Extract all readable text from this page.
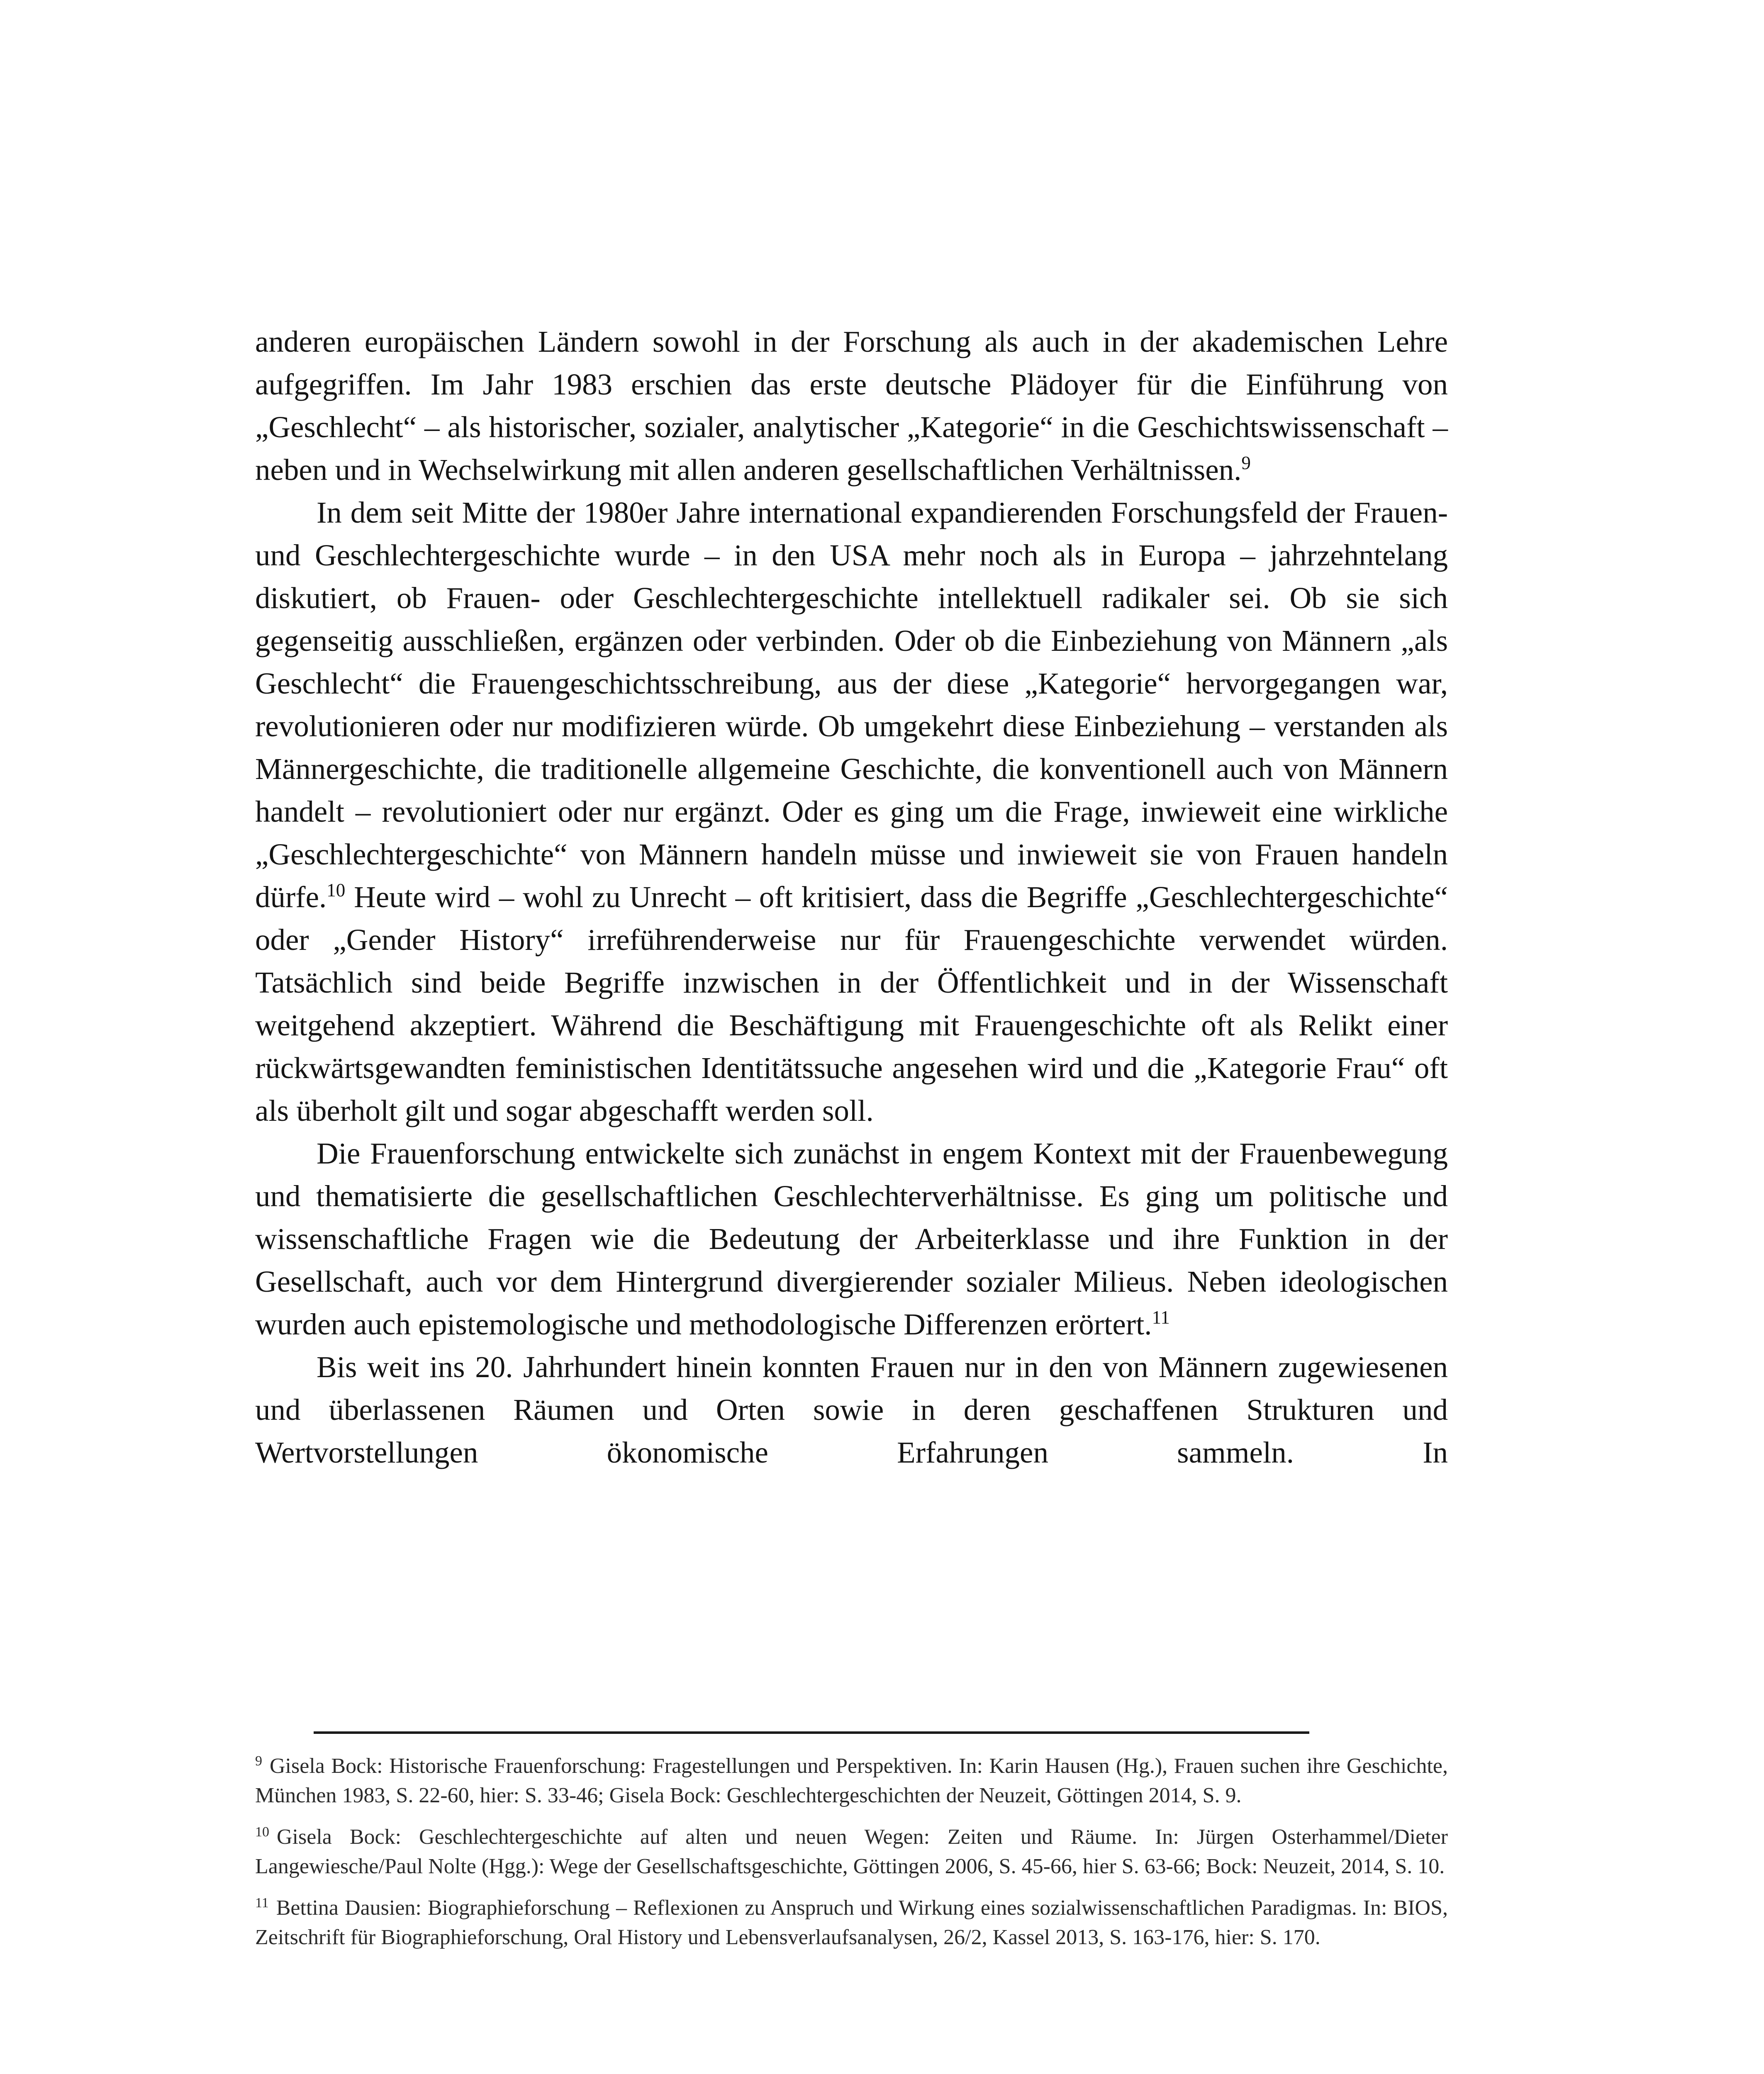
anderen europäischen Ländern sowohl in der Forschung als auch in der akademischen Lehre aufgegriffen. Im Jahr 1983 erschien das erste deutsche Plädoyer für die Einführung von „Geschlecht“ – als historischer, sozialer, analytischer „Kategorie“ in die Geschichtswissenschaft – neben und in Wechselwirkung mit allen anderen gesellschaftlichen Verhältnissen.$^9$

In dem seit Mitte der 1980er Jahre international expandierenden Forschungsfeld der Frauen- und Geschlechtergeschichte wurde – in den USA mehr noch als in Europa – jahrzehntelang diskutiert, ob Frauen- oder Geschlechtergeschichte intellektuell radikaler sei. Ob sie sich gegenseitig ausschließen, ergänzen oder verbinden. Oder ob die Einbeziehung von Männern „als Geschlecht“ die Frauengeschichtsschreibung, aus der diese „Kategorie“ hervorgegangen war, revolutionieren oder nur modifizieren würde. Ob umgekehrt diese Einbeziehung – verstanden als Männergeschichte, die traditionelle allgemeine Geschichte, die konventionell auch von Männern handelt – revolutioniert oder nur ergänzt. Oder es ging um die Frage, inwieweit eine wirkliche „Geschlechtergeschichte“ von Männern handeln müsse und inwieweit sie von Frauen handeln dürfe.$^{10}$ Heute wird – wohl zu Unrecht – oft kritisiert, dass die Begriffe „Geschlechtergeschichte“ oder „Gender History“ irreführenderweise nur für Frauengeschichte verwendet würden. Tatsächlich sind beide Begriffe inzwischen in der Öffentlichkeit und in der Wissenschaft weitgehend akzeptiert. Während die Beschäftigung mit Frauengeschichte oft als Relikt einer rückwärtsgewandten feministischen Identitätssuche angesehen wird und die „Kategorie Frau“ oft als überholt gilt und sogar abgeschafft werden soll.

Die Frauenforschung entwickelte sich zunächst in engem Kontext mit der Frauenbewegung und thematisierte die gesellschaftlichen Geschlechterverhältnisse. Es ging um politische und wissenschaftliche Fragen wie die Bedeutung der Arbeiterklasse und ihre Funktion in der Gesellschaft, auch vor dem Hintergrund divergierender sozialer Milieus. Neben ideologischen wurden auch epistemologische und methodologische Differenzen erörtert.$^{11}$

Bis weit ins 20. Jahrhundert hinein konnten Frauen nur in den von Männern zugewiesenen und überlassenen Räumen und Orten sowie in deren geschaffenen Strukturen und Wertvorstellungen ökonomische Erfahrungen sammeln. In

$^9$ Gisela Bock: Historische Frauenforschung: Fragestellungen und Perspektiven. In: Karin Hausen (Hg.), Frauen suchen ihre Geschichte, München 1983, S. 22-60, hier: S. 33-46; Gisela Bock: Geschlechtergeschichten der Neuzeit, Göttingen 2014, S. 9.

$^{10}$ Gisela Bock: Geschlechtergeschichte auf alten und neuen Wegen: Zeiten und Räume. In: Jürgen Osterhammel/Dieter Langewiesche/Paul Nolte (Hgg.): Wege der Gesellschaftsgeschichte, Göttingen 2006, S. 45-66, hier S. 63-66; Bock: Neuzeit, 2014, S. 10.

$^{11}$ Bettina Dausien: Biographieforschung – Reflexionen zu Anspruch und Wirkung eines sozialwissenschaftlichen Paradigmas. In: BIOS, Zeitschrift für Biographieforschung, Oral History und Lebensverlaufsanalysen, 26/2, Kassel 2013, S. 163-176, hier: S. 170.
